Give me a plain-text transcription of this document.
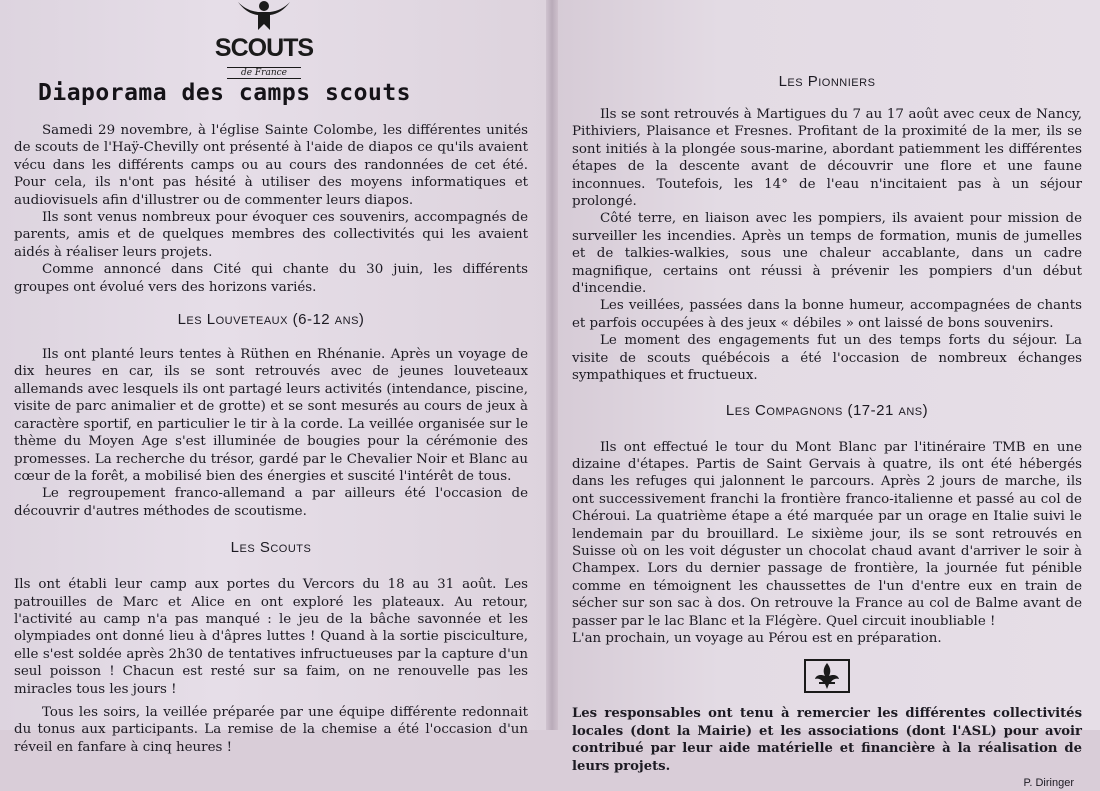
SCOUTS
de France
Diaporama des camps scouts

Samedi 29 novembre, à l'église Sainte Colombe, les différentes unités de scouts de l'Haÿ-Chevilly ont présenté à l'aide de diapos ce qu'ils avaient vécu dans les différents camps ou au cours des randonnées de cet été. Pour cela, ils n'ont pas hésité à utiliser des moyens informatiques et audiovisuels afin d'illustrer ou de commenter leurs diapos.

Ils sont venus nombreux pour évoquer ces souvenirs, accompagnés de parents, amis et de quelques membres des collectivités qui les avaient aidés à réaliser leurs projets.

Comme annoncé dans Cité qui chante du 30 juin, les différents groupes ont évolué vers des horizons variés.

Les Louveteaux (6-12 ans)

Ils ont planté leurs tentes à Rüthen en Rhénanie. Après un voyage de dix heures en car, ils se sont retrouvés avec de jeunes louveteaux allemands avec lesquels ils ont partagé leurs activités (intendance, piscine, visite de parc animalier et de grotte) et se sont mesurés au cours de jeux à caractère sportif, en particulier le tir à la corde. La veillée organisée sur le thème du Moyen Age s'est illuminée de bougies pour la cérémonie des promesses. La recherche du trésor, gardé par le Chevalier Noir et Blanc au cœur de la forêt, a mobilisé bien des énergies et suscité l'intérêt de tous.

Le regroupement franco-allemand a par ailleurs été l'occasion de découvrir d'autres méthodes de scoutisme.

Les Scouts

Ils ont établi leur camp aux portes du Vercors du 18 au 31 août. Les patrouilles de Marc et Alice en ont exploré les plateaux. Au retour, l'activité au camp n'a pas manqué : le jeu de la bâche savonnée et les olympiades ont donné lieu à d'âpres luttes ! Quand à la sortie pisciculture, elle s'est soldée après 2h30 de tentatives infructueuses par la capture d'un seul poisson ! Chacun est resté sur sa faim, on ne renouvelle pas les miracles tous les jours !

Tous les soirs, la veillée préparée par une équipe différente redonnait du tonus aux participants. La remise de la chemise a été l'occasion d'un réveil en fanfare à cinq heures !

Les Pionniers

Ils se sont retrouvés à Martigues du 7 au 17 août avec ceux de Nancy, Pithiviers, Plaisance et Fresnes. Profitant de la proximité de la mer, ils se sont initiés à la plongée sous-marine, abordant patiemment les différentes étapes de la descente avant de découvrir une flore et une faune inconnues. Toutefois, les 14° de l'eau n'incitaient pas à un séjour prolongé.

Côté terre, en liaison avec les pompiers, ils avaient pour mission de surveiller les incendies. Après un temps de formation, munis de jumelles et de talkies-walkies, sous une chaleur accablante, dans un cadre magnifique, certains ont réussi à prévenir les pompiers d'un début d'incendie.

Les veillées, passées dans la bonne humeur, accompagnées de chants et parfois occupées à des jeux « débiles » ont laissé de bons souvenirs.

Le moment des engagements fut un des temps forts du séjour. La visite de scouts québécois a été l'occasion de nombreux échanges sympathiques et fructueux.

Les Compagnons (17-21 ans)

Ils ont effectué le tour du Mont Blanc par l'itinéraire TMB en une dizaine d'étapes. Partis de Saint Gervais à quatre, ils ont été hébergés dans les refuges qui jalonnent le parcours. Après 2 jours de marche, ils ont successivement franchi la frontière franco-italienne et passé au col de Chéroui. La quatrième étape a été marquée par un orage en Italie suivi le lendemain par du brouillard. Le sixième jour, ils se sont retrouvés en Suisse où on les voit déguster un chocolat chaud avant d'arriver le soir à Champex. Lors du dernier passage de frontière, la journée fut pénible comme en témoignent les chaussettes de l'un d'entre eux en train de sécher sur son sac à dos. On retrouve la France au col de Balme avant de passer par le lac Blanc et la Flégère. Quel circuit inoubliable !

L'an prochain, un voyage au Pérou est en préparation.

Les responsables ont tenu à remercier les différentes collectivités locales (dont la Mairie) et les associations (dont l'ASL) pour avoir contribué par leur aide matérielle et financière à la réalisation de leurs projets.

P. Diringer
